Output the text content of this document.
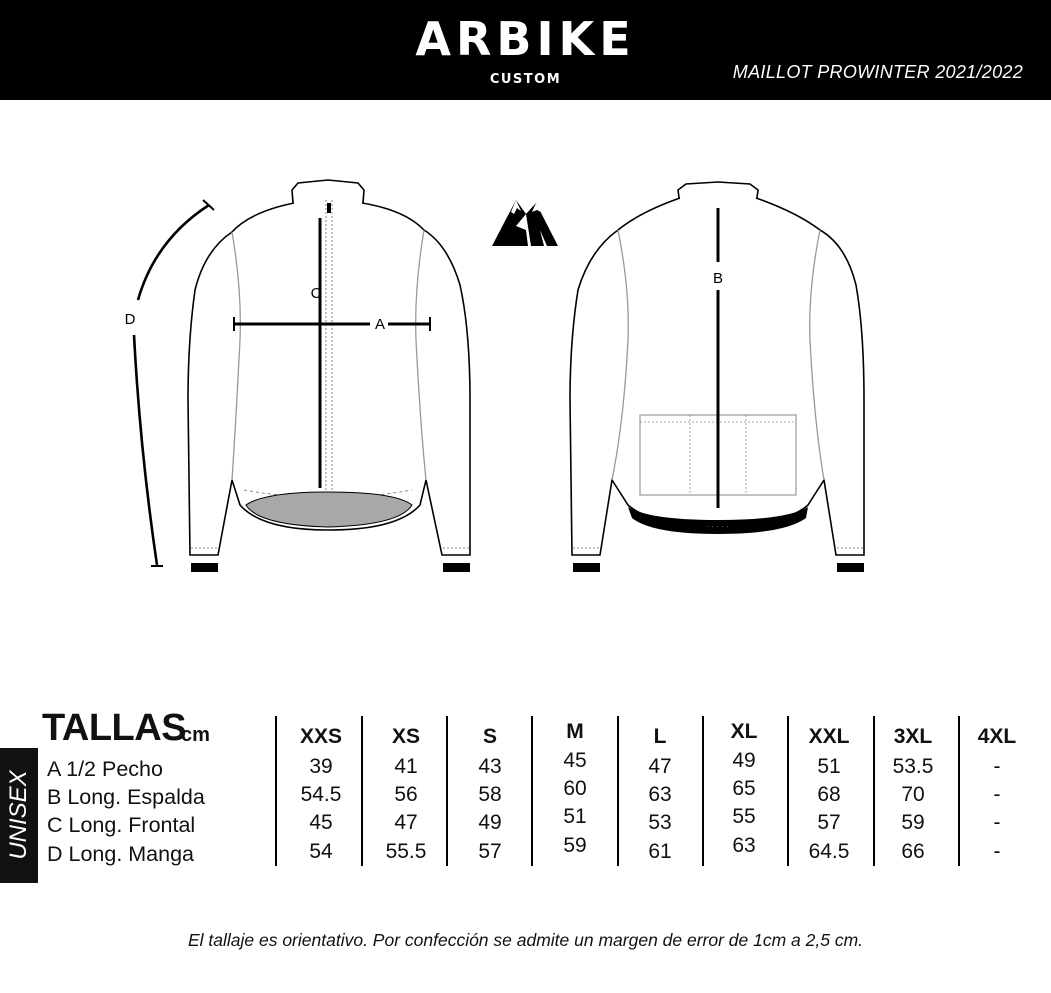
ARBIKE
CUSTOM	MAILLOT PROWINTER 2021/2022
C
A
D
· · · · ·
B
TALLAS
cm
UNISEX
A 1/2 Pecho
B Long. Espalda
C Long. Frontal
D Long. Manga
XXS
39
54.5
45
54
XS
41
56
47
55.5
S
43
58
49
57
M
45
60
51
59
L
47
63
53
61
XL
49
65
55
63
XXL
51
68
57
64.5
3XL
53.5
70
59
66
4XL
-
-
-
-
El tallaje es orientativo. Por confección se admite un margen de error de 1cm a 2,5 cm.
